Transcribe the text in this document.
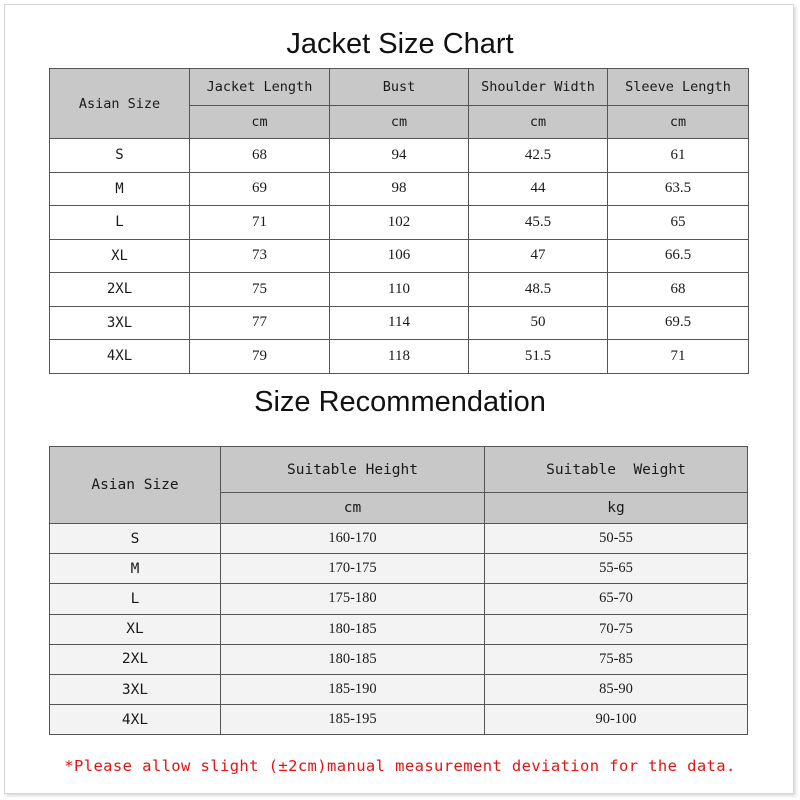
Jacket Size Chart
Asian Size	Jacket Length	Bust	Shoulder Width	Sleeve Length
	cm	cm	cm	cm
S	68	94	42.5	61
M	69	98	44	63.5
L	71	102	45.5	65
XL	73	106	47	66.5
2XL	75	110	48.5	68
3XL	77	114	50	69.5
4XL	79	118	51.5	71
Size Recommendation
Asian Size	Suitable Height	Suitable  Weight
	cm	kg
S	160-170	50-55
M	170-175	55-65
L	175-180	65-70
XL	180-185	70-75
2XL	180-185	75-85
3XL	185-190	85-90
4XL	185-195	90-100
*Please allow slight (±2cm)manual measurement deviation for the data.
